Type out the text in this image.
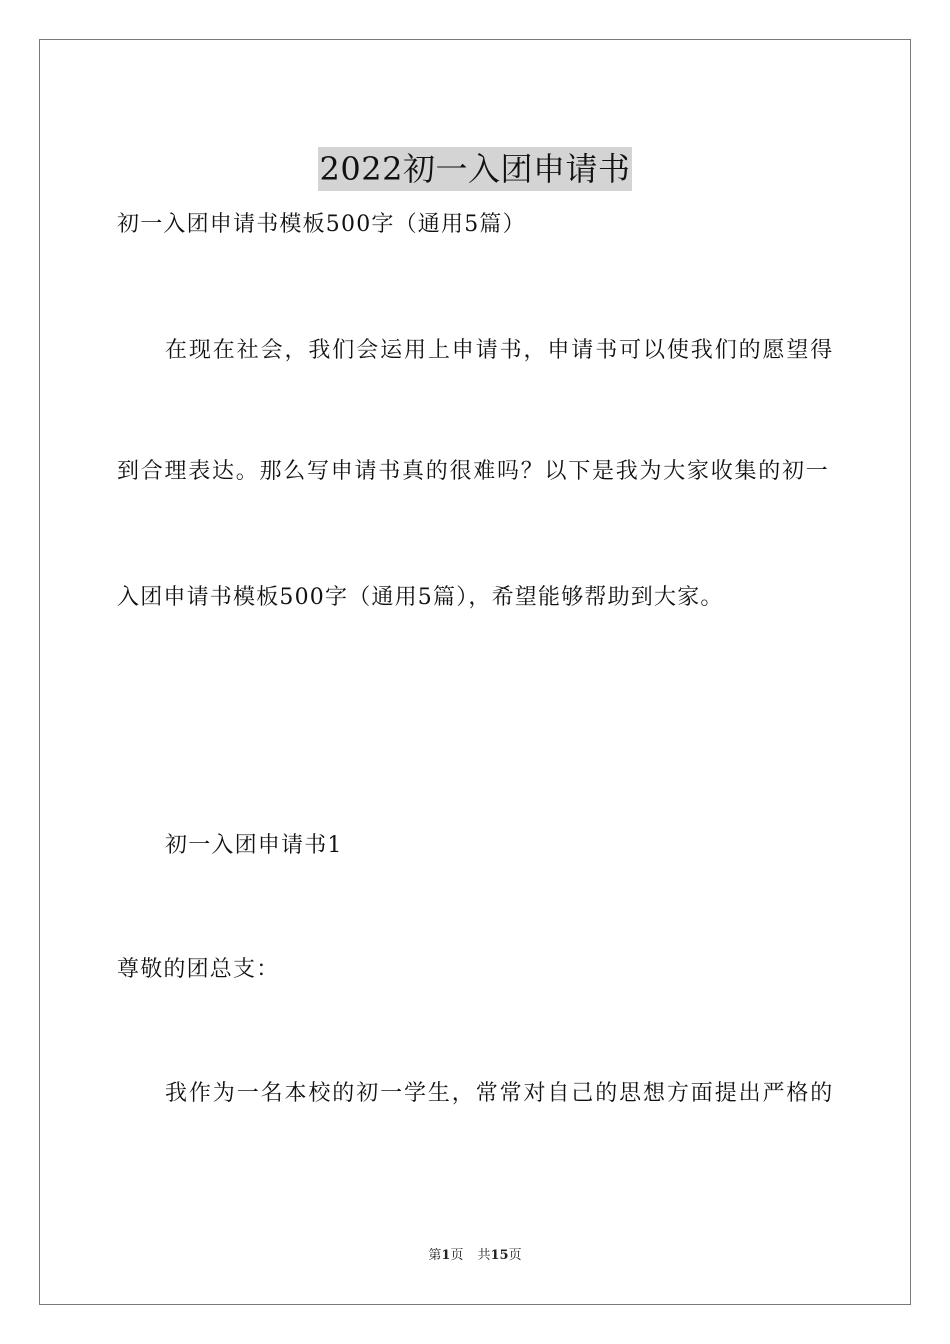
2022初一入团申请书
初一入团申请书模板500字（通用5篇）
在现在社会，我们会运用上申请书，申请书可以使我们的愿望得
到合理表达。那么写申请书真的很难吗？以下是我为大家收集的初一
入团申请书模板500字（通用5篇），希望能够帮助到大家。
初一入团申请书1
尊敬的团总支：
我作为一名本校的初一学生，常常对自己的思想方面提出严格的
第1页 共15页
